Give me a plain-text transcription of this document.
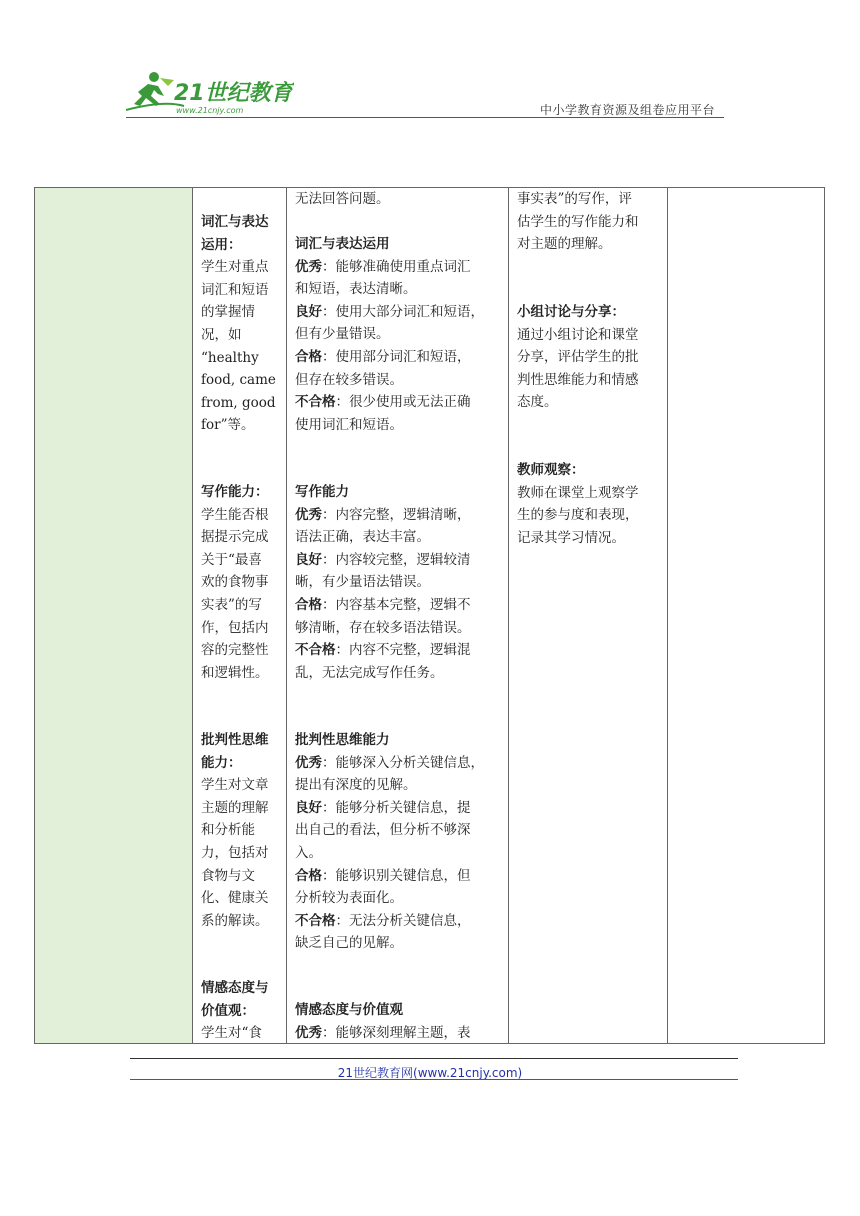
21世纪教育
www.21cnjy.com	中小学教育资源及组卷应用平台
词汇与表达
运用：
学生对重点
词汇和短语
的掌握情
况，如
“healthy
food, came
from, good
for”等。
写作能力：
学生能否根
据提示完成
关于“最喜
欢的食物事
实表”的写
作，包括内
容的完整性
和逻辑性。
批判性思维
能力：
学生对文章
主题的理解
和分析能
力，包括对
食物与文
化、健康关
系的解读。
情感态度与
价值观：
学生对“食
无法回答问题。
词汇与表达运用
优秀：能够准确使用重点词汇
和短语，表达清晰。
良好：使用大部分词汇和短语，
但有少量错误。
合格：使用部分词汇和短语，
但存在较多错误。
不合格：很少使用或无法正确
使用词汇和短语。
写作能力
优秀：内容完整，逻辑清晰，
语法正确，表达丰富。
良好：内容较完整，逻辑较清
晰，有少量语法错误。
合格：内容基本完整，逻辑不
够清晰，存在较多语法错误。
不合格：内容不完整，逻辑混
乱，无法完成写作任务。
批判性思维能力
优秀：能够深入分析关键信息，
提出有深度的见解。
良好：能够分析关键信息，提
出自己的看法，但分析不够深
入。
合格：能够识别关键信息，但
分析较为表面化。
不合格：无法分析关键信息，
缺乏自己的见解。
情感态度与价值观
优秀：能够深刻理解主题，表
事实表”的写作，评
估学生的写作能力和
对主题的理解。
小组讨论与分享：
通过小组讨论和课堂
分享，评估学生的批
判性思维能力和情感
态度。
教师观察：
教师在课堂上观察学
生的参与度和表现，
记录其学习情况。
21世纪教育网(www.21cnjy.com)
